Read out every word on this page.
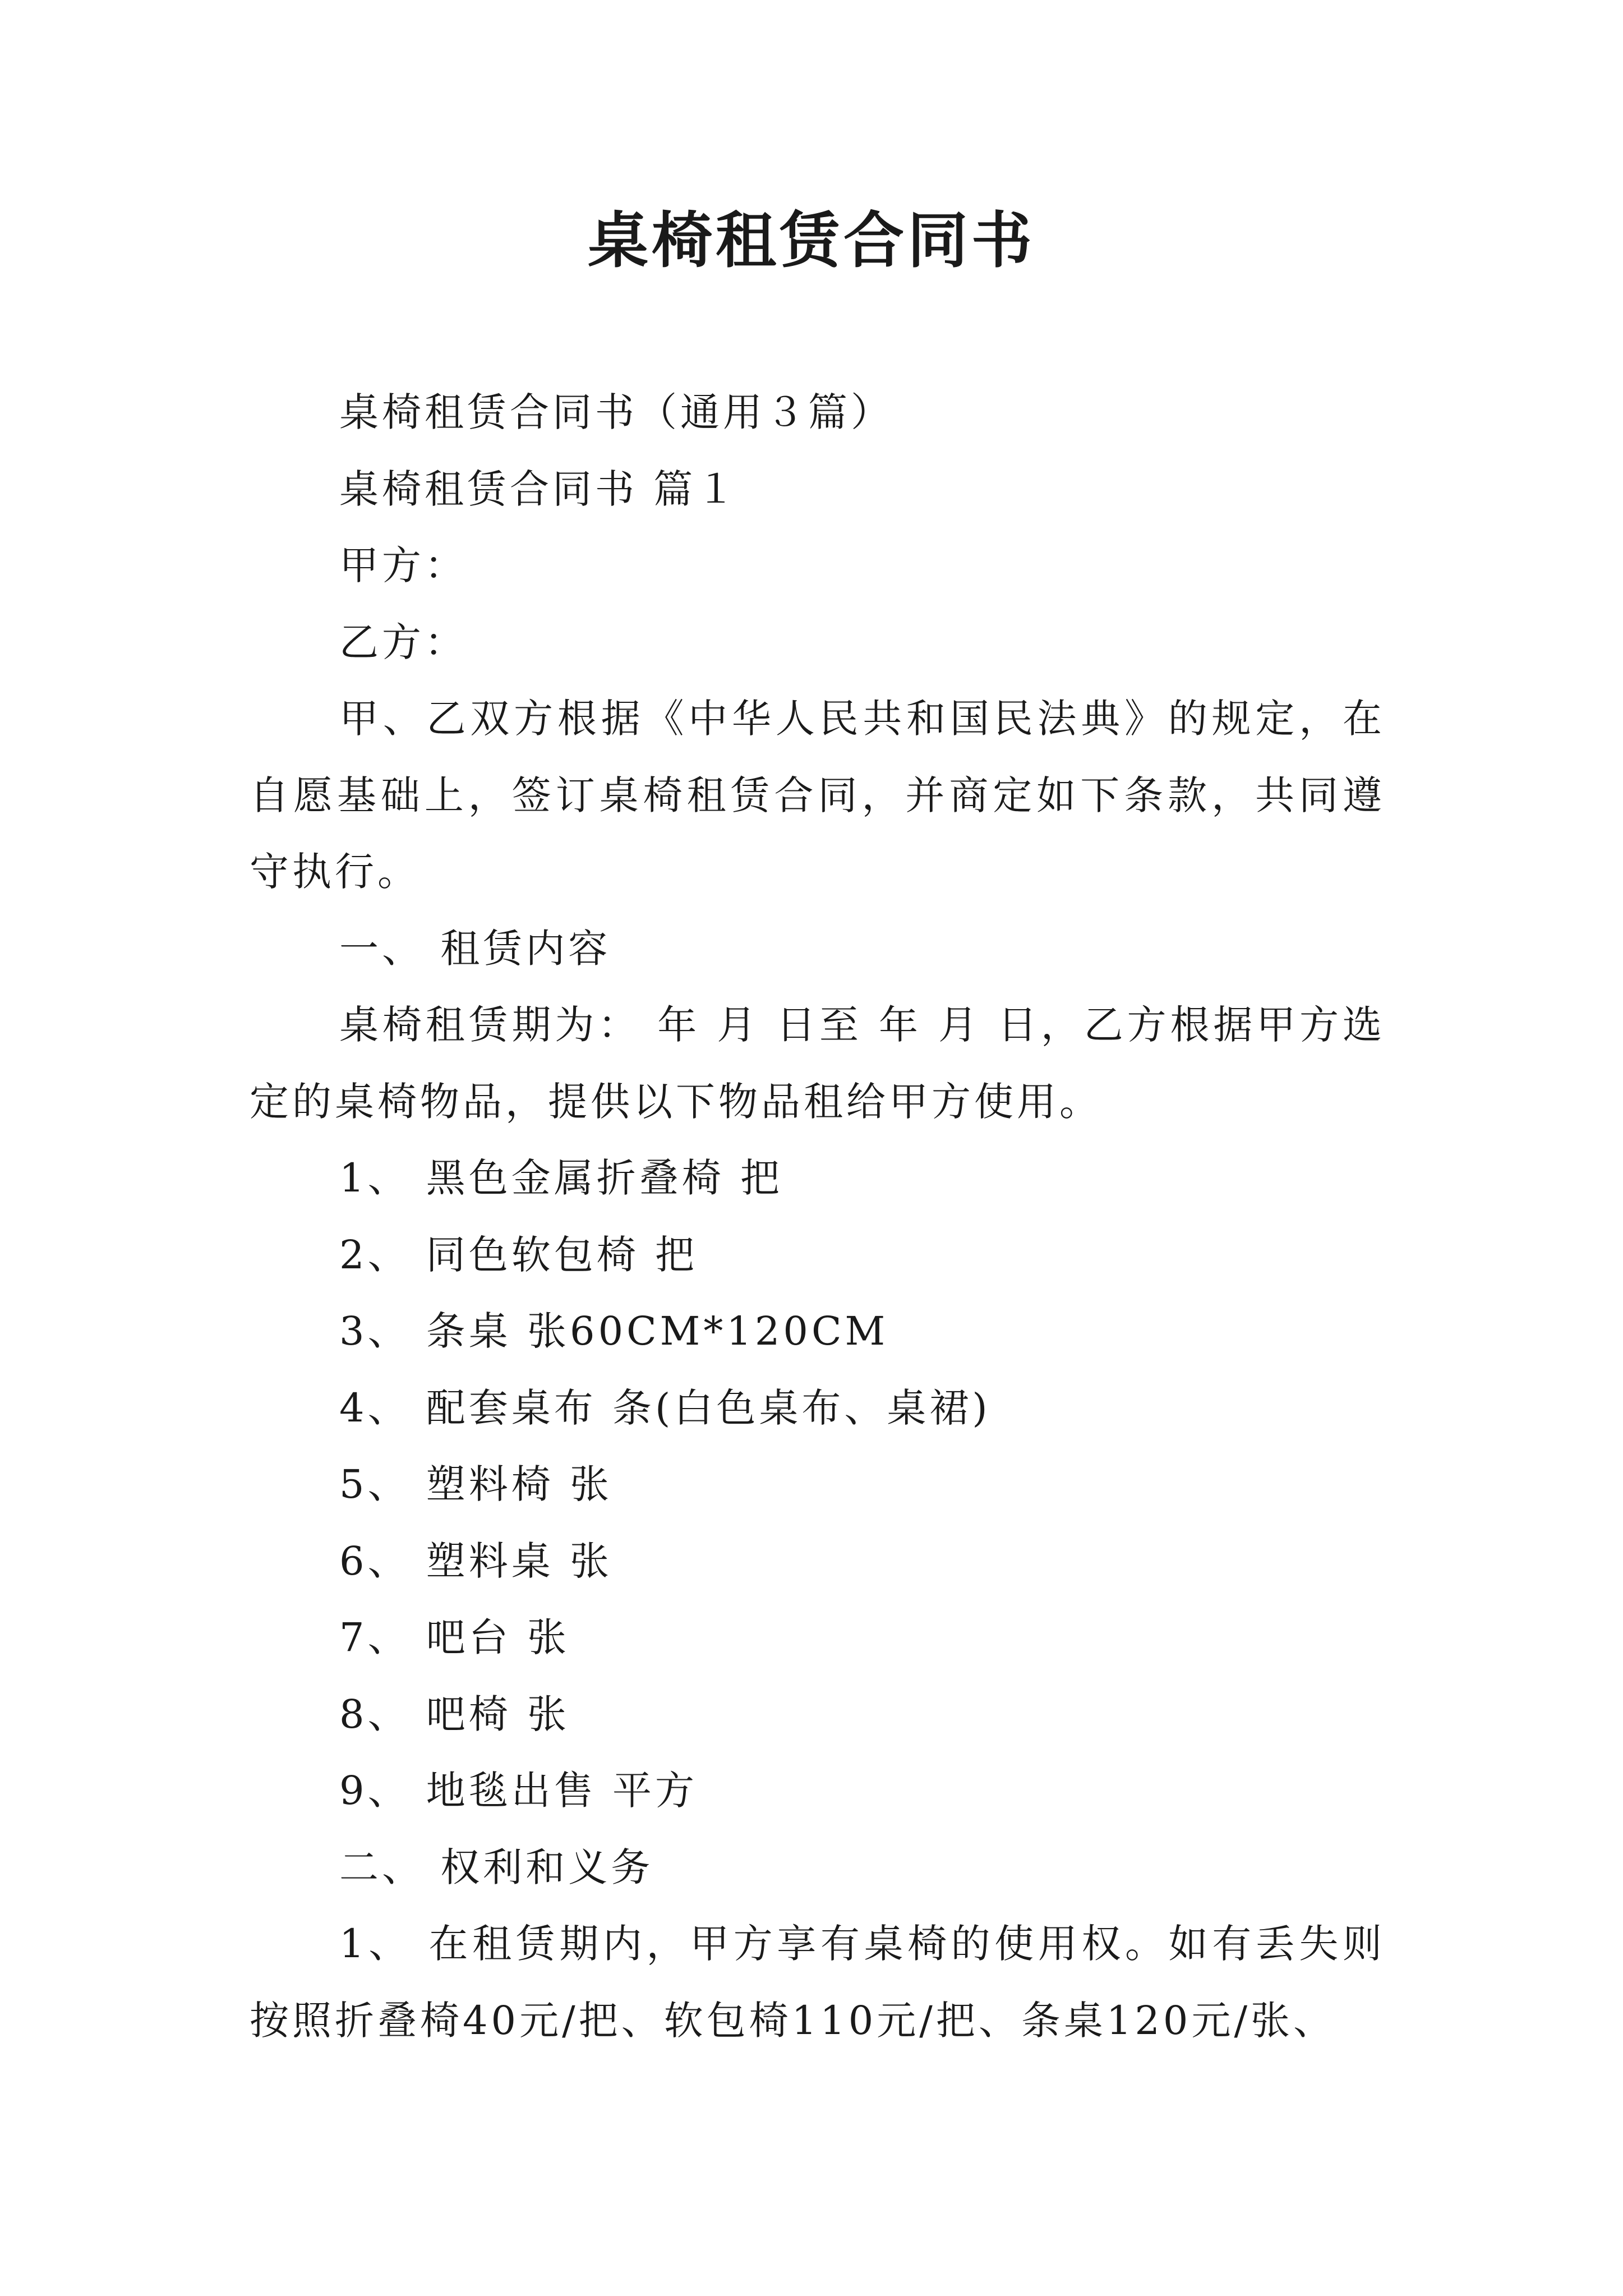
桌椅租赁合同书

桌椅租赁合同书（通用３篇）

桌椅租赁合同书 篇１

甲方：

乙方：

甲、乙双方根据《中华人民共和国民法典》的规定，在自愿基础上，签订桌椅租赁合同，并商定如下条款，共同遵守执行。

一、 租赁内容

桌椅租赁期为： 年 月 日至 年 月 日，乙方根据甲方选定的桌椅物品，提供以下物品租给甲方使用。

1、 黑色金属折叠椅 把

2、 同色软包椅 把

3、 条桌 张60CM*120CM

4、 配套桌布 条(白色桌布、桌裙)

5、 塑料椅 张

6、 塑料桌 张

7、 吧台 张

8、 吧椅 张

9、 地毯出售 平方

二、 权利和义务

1、 在租赁期内，甲方享有桌椅的使用权。如有丢失则按照折叠椅40元/把、软包椅110元/把、条桌120元/张、
